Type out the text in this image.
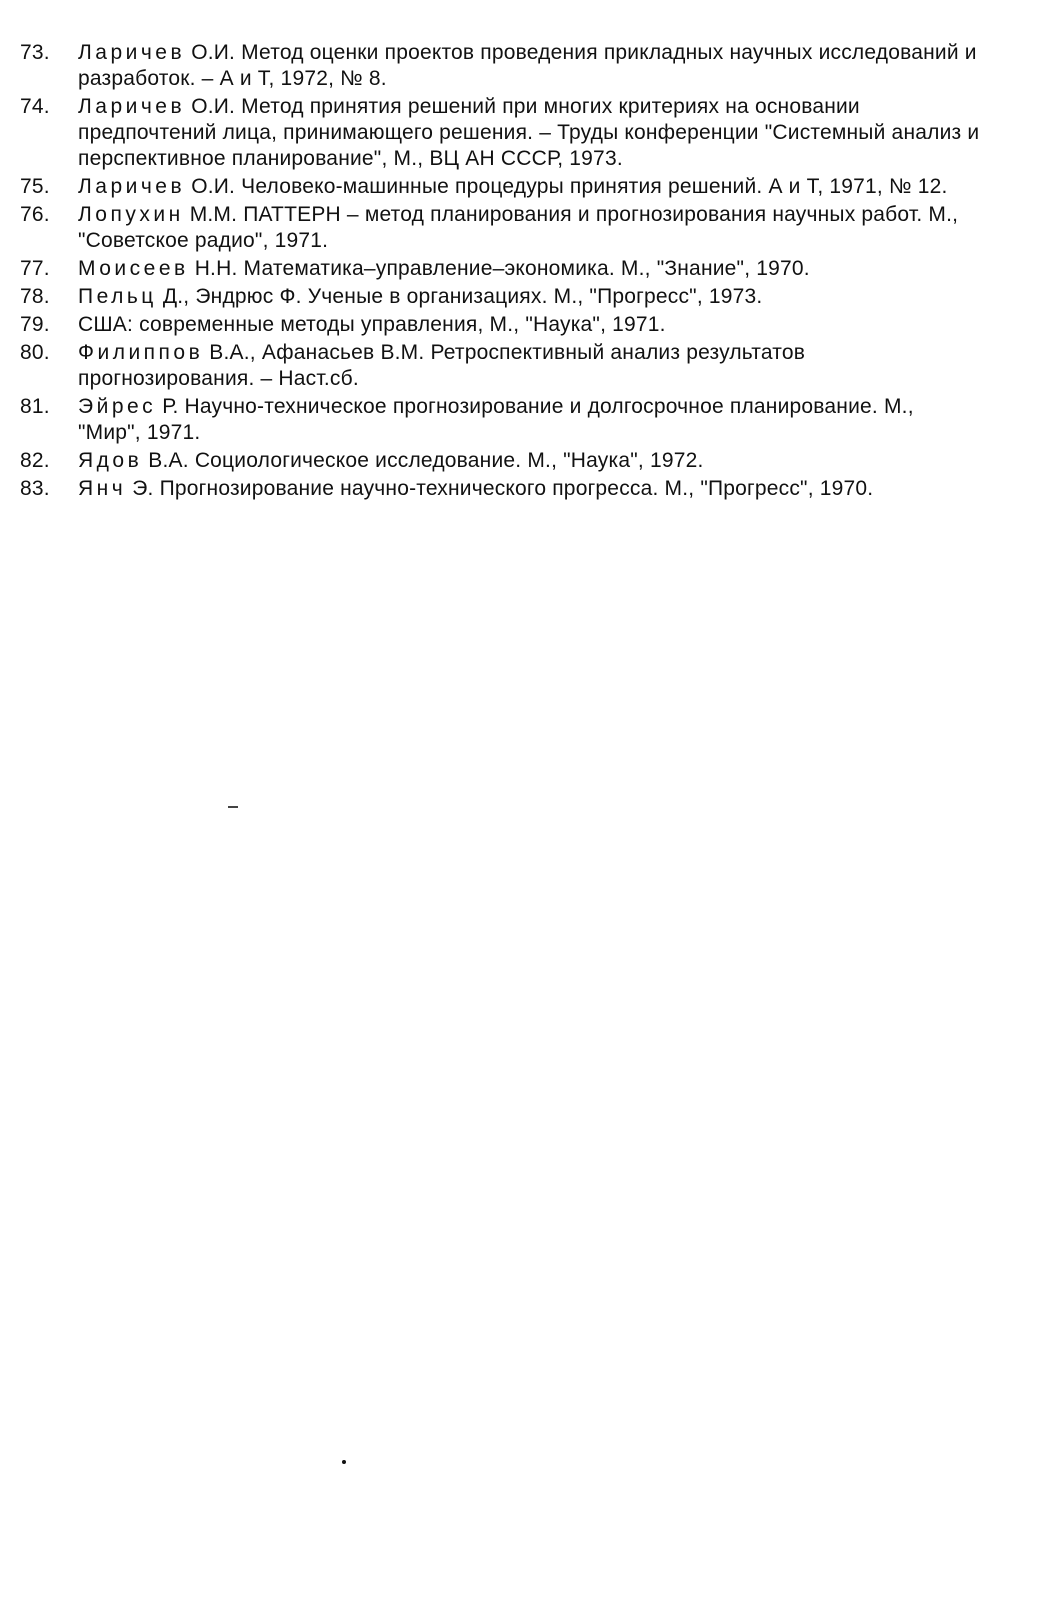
73.	Ларичев О.И. Метод оценки проектов проведения прикладных научных исследований и разработок. – А и Т, 1972, № 8.
74.	Ларичев О.И. Метод принятия решений при многих критериях на основании предпочтений лица, принимающего решения. – Труды конференции "Системный анализ и перспективное планирование", М., ВЦ АН СССР, 1973.
75.	Ларичев О.И. Человеко-машинные процедуры принятия решений. А и Т, 1971, № 12.
76.	Лопухин М.М. ПАТТЕРН – метод планирования и прогнозирования научных работ. М., "Советское радио", 1971.
77.	Моисеев Н.Н. Математика–управление–экономика. М., "Знание", 1970.
78.	Пельц Д., Эндрюс Ф. Ученые в организациях. М., "Прогресс", 1973.
79.	США: современные методы управления, М., "Наука", 1971.
80.	Филиппов В.А., Афанасьев В.М. Ретроспективный анализ результатов прогнозирования. – Наст.сб.
81.	Эйрес Р. Научно-техническое прогнозирование и долгосрочное планирование. М., "Мир", 1971.
82.	Ядов В.А. Социологическое исследование. М., "Наука", 1972.
83.	Янч Э. Прогнозирование научно-технического прогресса. М., "Прогресс", 1970.
